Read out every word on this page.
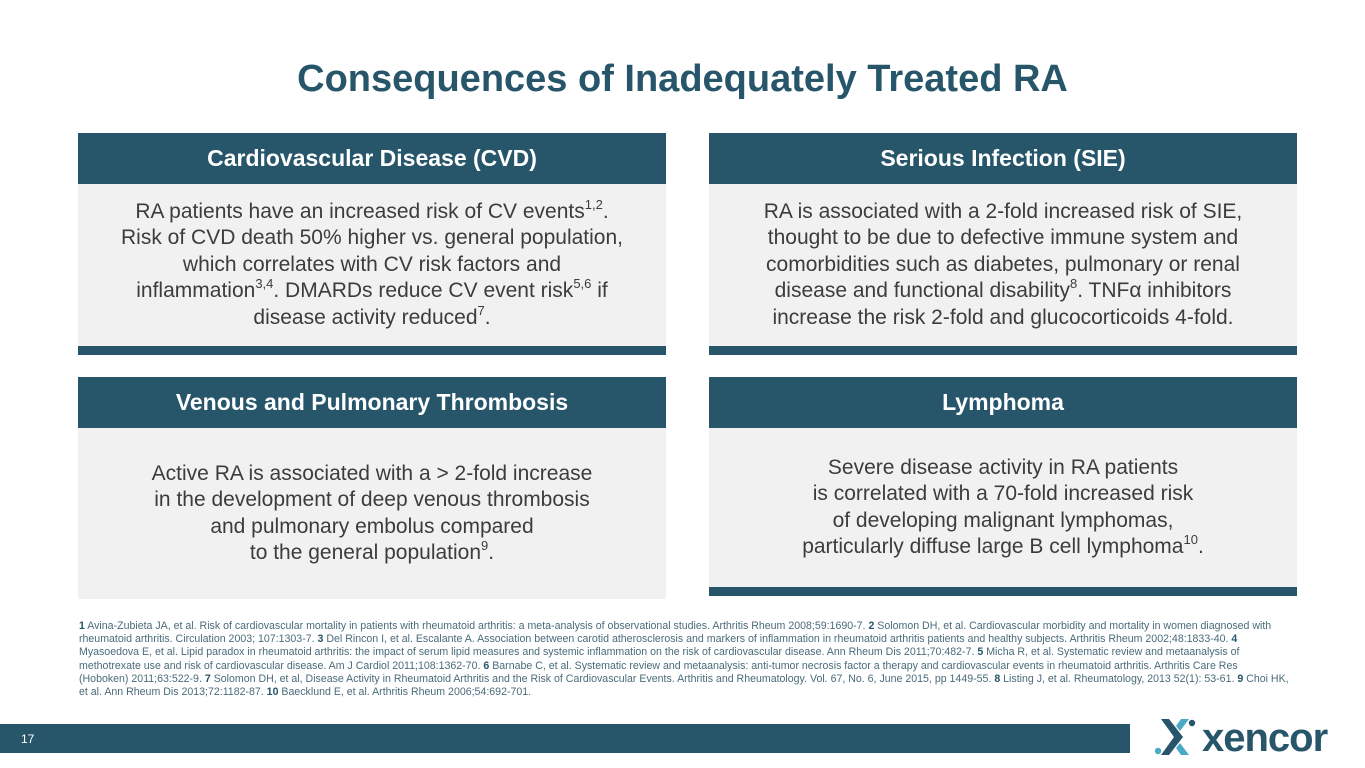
Consequences of Inadequately Treated RA
Cardiovascular Disease (CVD)
RA patients have an increased risk of CV events$^{1,2}$.
Risk of CVD death 50% higher vs. general population,
which correlates with CV risk factors and
inflammation$^{3,4}$. DMARDs reduce CV event risk$^{5,6}$ if
disease activity reduced$^7$.
Serious Infection (SIE)
RA is associated with a 2-fold increased risk of SIE,
thought to be due to defective immune system and
comorbidities such as diabetes, pulmonary or renal
disease and functional disability$^8$. TNFα inhibitors
increase the risk 2-fold and glucocorticoids 4-fold.
Venous and Pulmonary Thrombosis
Active RA is associated with a > 2-fold increase
in the development of deep venous thrombosis
and pulmonary embolus compared
to the general population$^9$.
Lymphoma
Severe disease activity in RA patients
is correlated with a 70-fold increased risk
of developing malignant lymphomas,
particularly diffuse large B cell lymphoma$^{10}$.
1 Avina-Zubieta JA, et al. Risk of cardiovascular mortality in patients with rheumatoid arthritis: a meta-analysis of observational studies. Arthritis Rheum 2008;59:1690-7. 2 Solomon DH, et al. Cardiovascular morbidity and mortality in women diagnosed with rheumatoid arthritis. Circulation 2003; 107:1303-7. 3 Del Rincon I, et al. Escalante A. Association between carotid atherosclerosis and markers of inflammation in rheumatoid arthritis patients and healthy subjects. Arthritis Rheum 2002;48:1833-40. 4 Myasoedova E, et al. Lipid paradox in rheumatoid arthritis: the impact of serum lipid measures and systemic inflammation on the risk of cardiovascular disease. Ann Rheum Dis 2011;70:482-7. 5 Micha R, et al. Systematic review and metaanalysis of methotrexate use and risk of cardiovascular disease. Am J Cardiol 2011;108:1362-70. 6 Barnabe C, et al. Systematic review and metaanalysis: anti-tumor necrosis factor a therapy and cardiovascular events in rheumatoid arthritis. Arthritis Care Res (Hoboken) 2011;63:522-9. 7 Solomon DH, et al, Disease Activity in Rheumatoid Arthritis and the Risk of Cardiovascular Events. Arthritis and Rheumatology. Vol. 67, No. 6, June 2015, pp 1449-55. 8 Listing J, et al. Rheumatology, 2013 52(1): 53-61. 9 Choi HK, et al. Ann Rheum Dis 2013;72:1182-87. 10 Baecklund E, et al. Arthritis Rheum 2006;54:692-701.
17	xencor
